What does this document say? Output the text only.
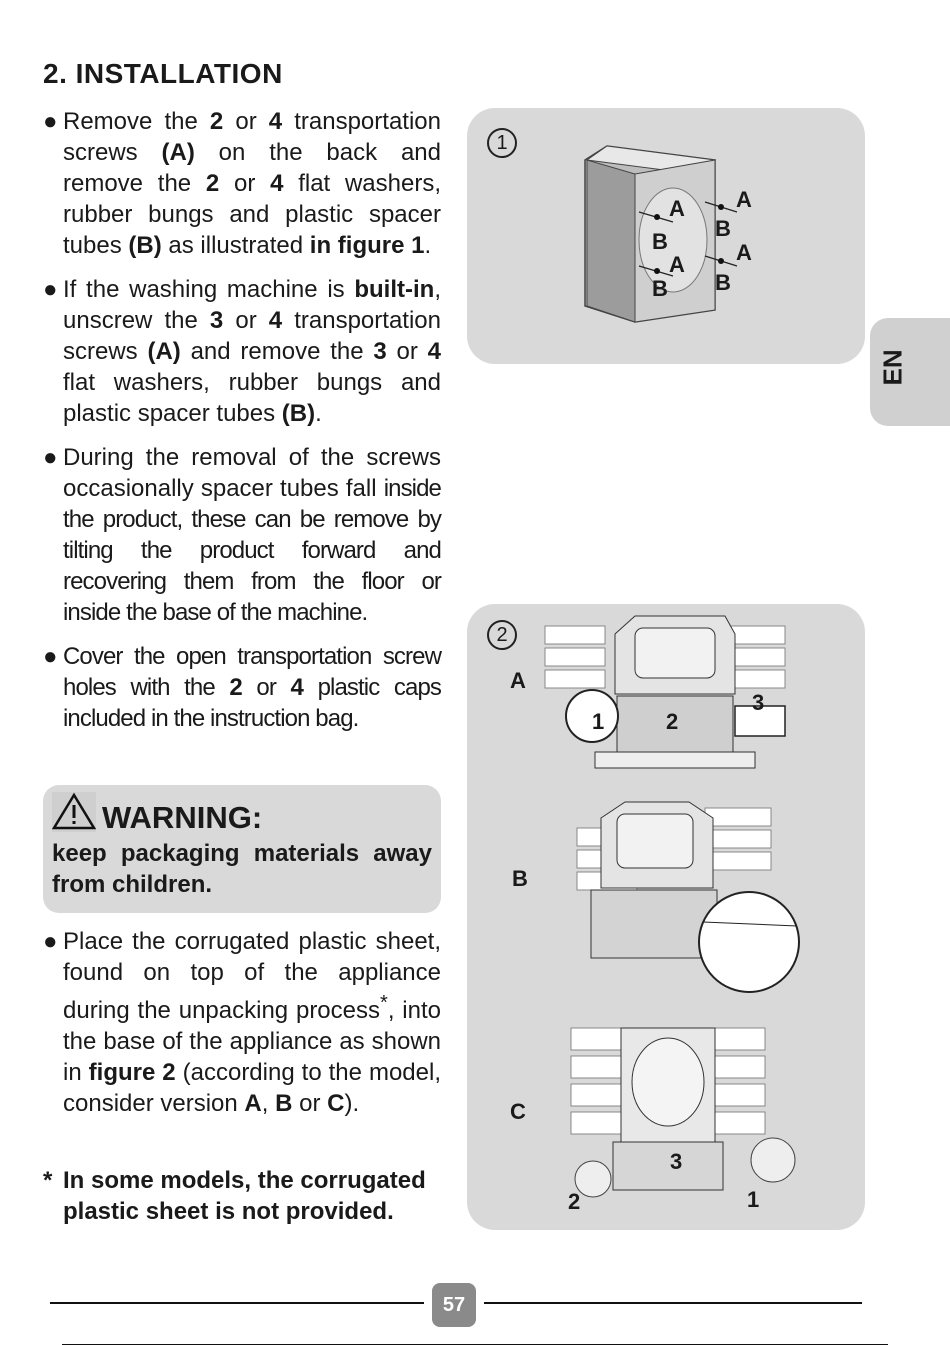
2. INSTALLATION
● Remove the 2 or 4 transportation screws (A) on the back and remove the 2 or 4 flat washers, rubber bungs and plastic spacer tubes (B) as illustrated in figure 1.
● If the washing machine is built-in, unscrew the 3 or 4 transportation screws (A) and remove the 3 or 4 flat washers, rubber bungs and plastic spacer tubes (B).
● During the removal of the screws occasionally spacer tubes fall inside the product, these can be remove by tilting the product forward and recovering them from the floor or inside the base of the machine.
● Cover the open transportation screw holes with the 2 or 4 plastic caps included in the instruction bag.
WARNING:
keep packaging materials away from children.
● Place the corrugated plastic sheet, found on top of the appliance during the unpacking process*, into the base of the appliance as shown in figure 2 (according to the model, consider version A, B or C).
* In some models, the corrugated plastic sheet is not provided.
1
A
B
A
B
A
B
A
B
2
A
B
C
1	2
3
3
2	1
EN
57
